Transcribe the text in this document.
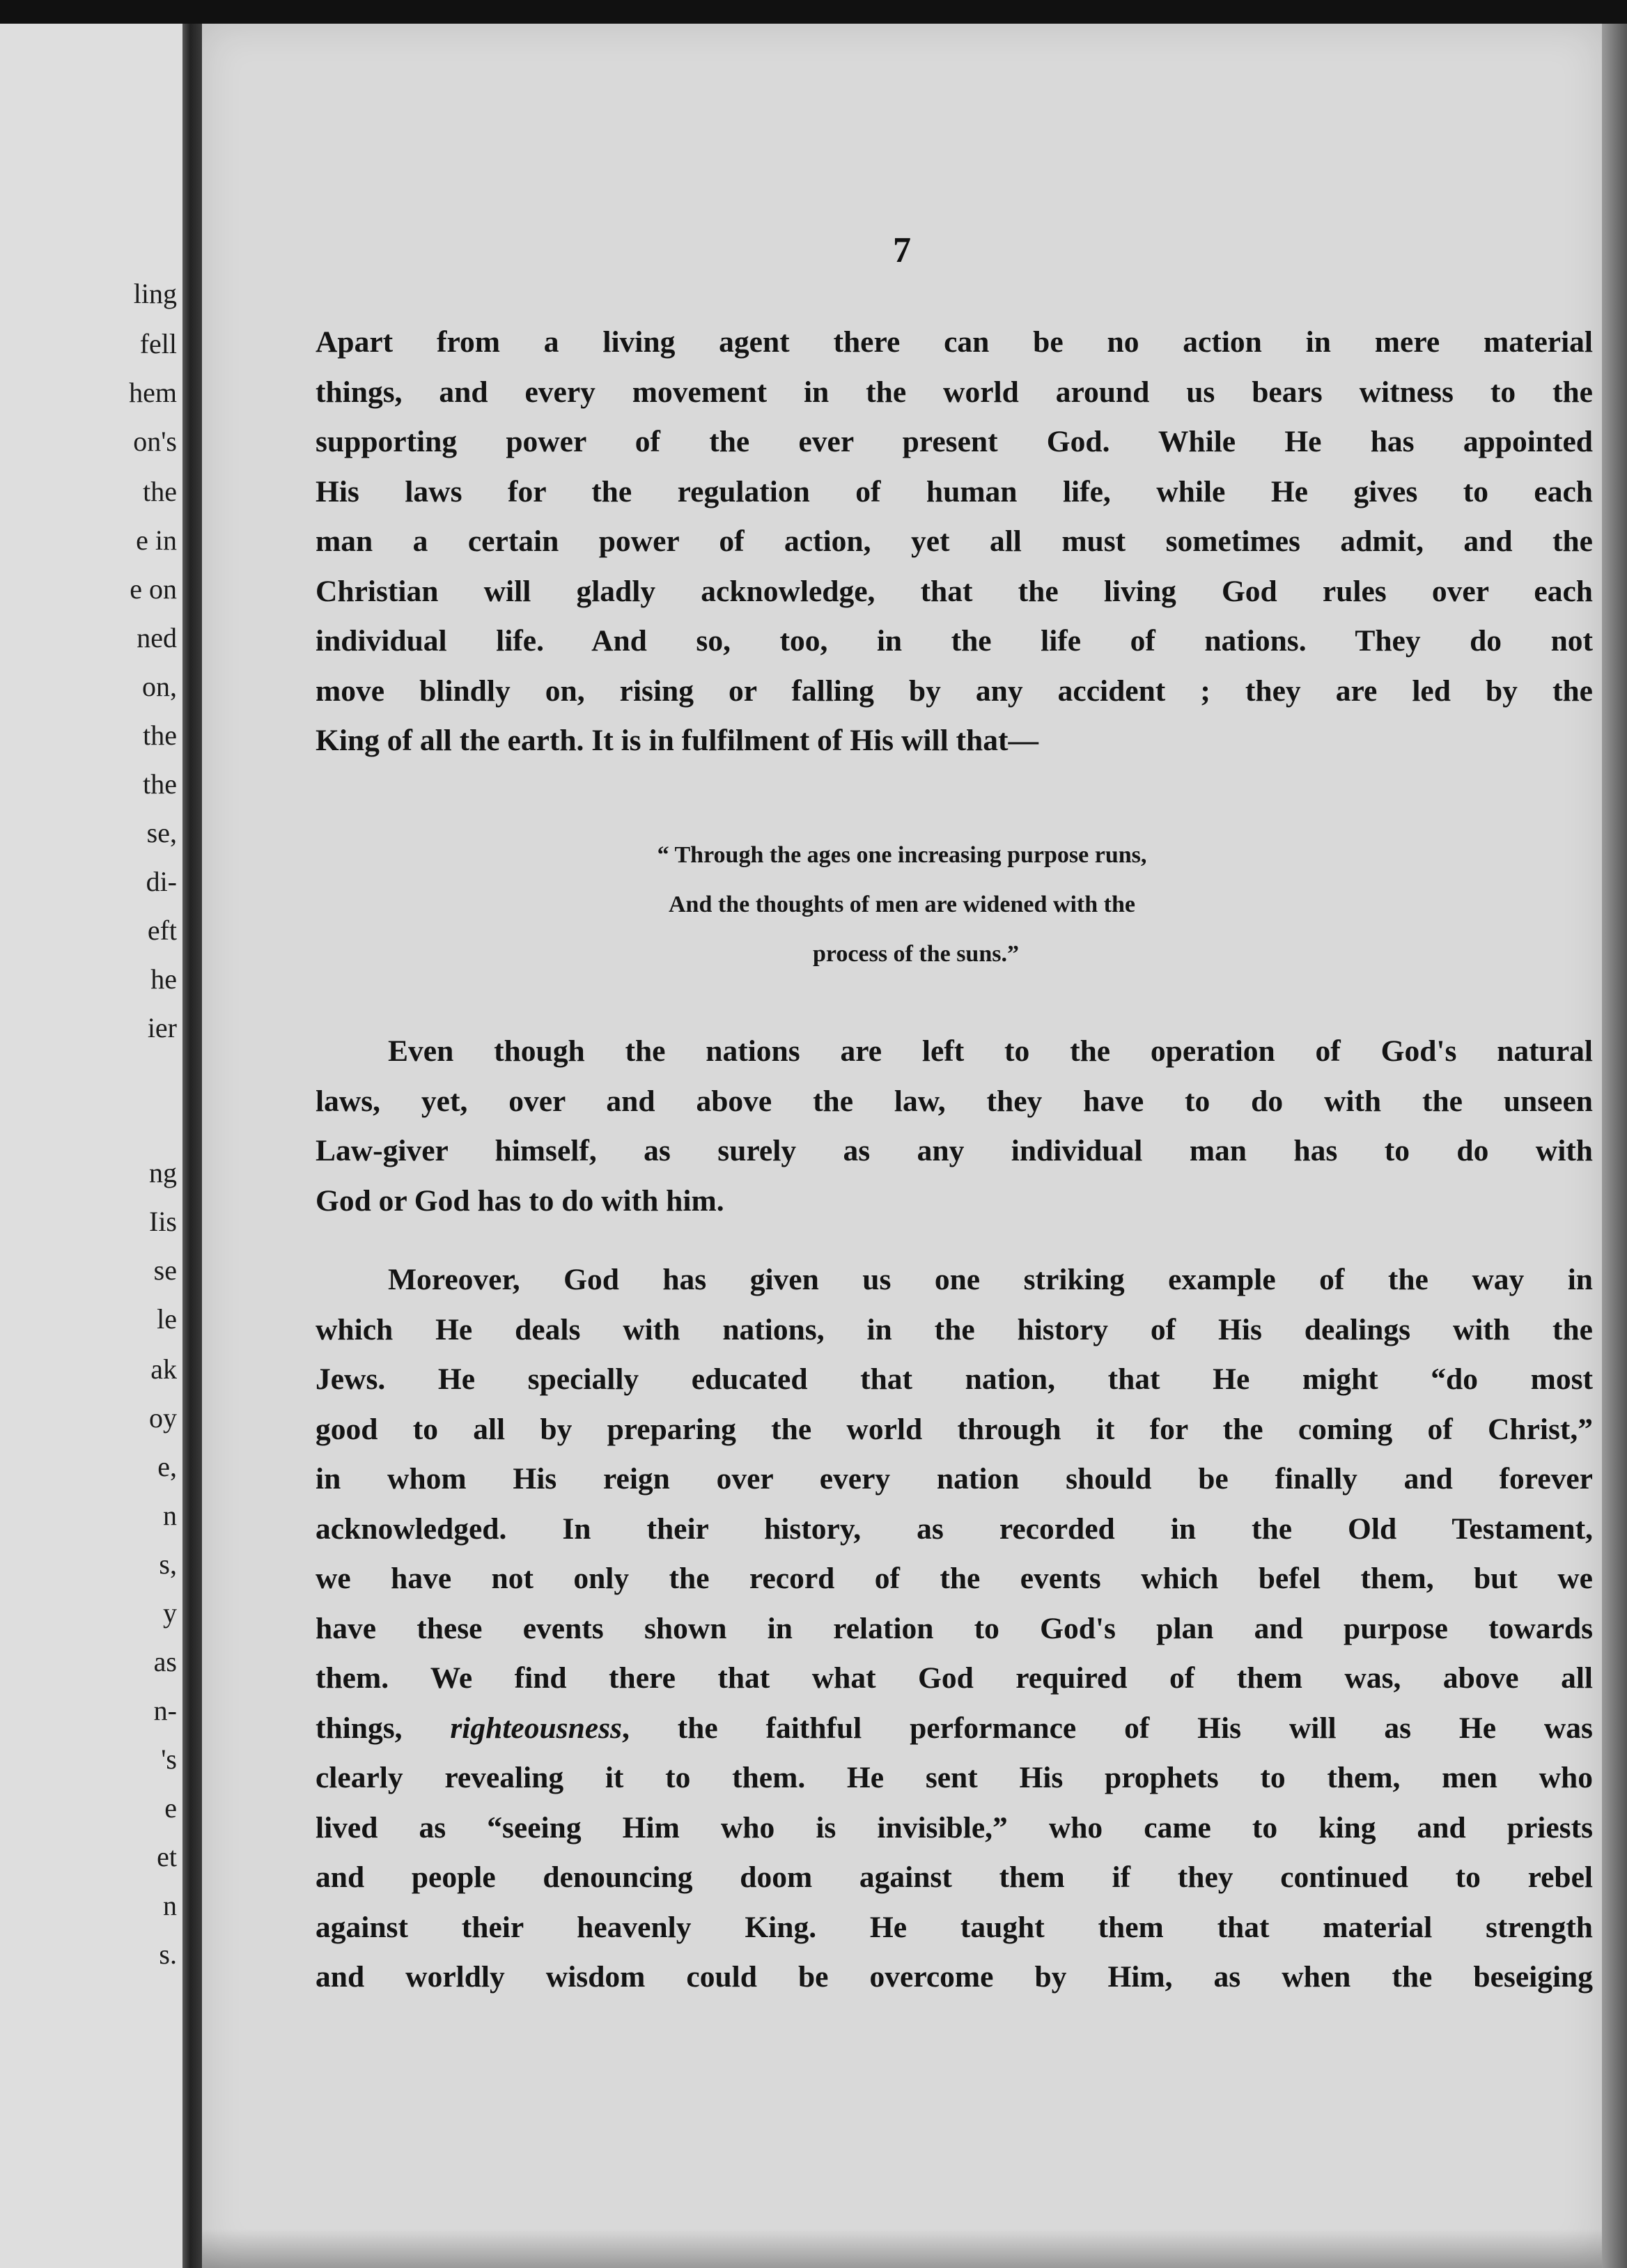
ling
fell
hem
on's
the
e in
e on
ned
on,
the
the
se,
di-
eft
he
ier
ng
Iis
se
le
ak
oy
e,
n
s,
y
as
n-
's
e
et
n
s.
7
Apart from a living agent there can be no action in mere material
things, and every movement in the world around us bears witness to the
supporting power of the ever present God. While He has appointed
His laws for the regulation of human life, while He gives to each
man a certain power of action, yet all must sometimes admit, and the
Christian will gladly acknowledge, that the living God rules over each
individual life. And so, too, in the life of nations. They do not
move blindly on, rising or falling by any accident ; they are led by the
King of all the earth. It is in fulfilment of His will that—
“ Through the ages one increasing purpose runs,
And the thoughts of men are widened with the
process of the suns.”
Even though the nations are left to the operation of God's natural
laws, yet, over and above the law, they have to do with the unseen
Law-giver himself, as surely as any individual man has to do with
God or God has to do with him.
Moreover, God has given us one striking example of the way in
which He deals with nations, in the history of His dealings with the
Jews. He specially educated that nation, that He might “do most
good to all by preparing the world through it for the coming of Christ,”
in whom His reign over every nation should be finally and forever
acknowledged. In their history, as recorded in the Old Testament,
we have not only the record of the events which befel them, but we
have these events shown in relation to God's plan and purpose towards
them. We find there that what God required of them was, above all
things, righteousness, the faithful performance of His will as He was
clearly revealing it to them. He sent His prophets to them, men who
lived as “seeing Him who is invisible,” who came to king and priests
and people denouncing doom against them if they continued to rebel
against their heavenly King. He taught them that material strength
and worldly wisdom could be overcome by Him, as when the beseiging
